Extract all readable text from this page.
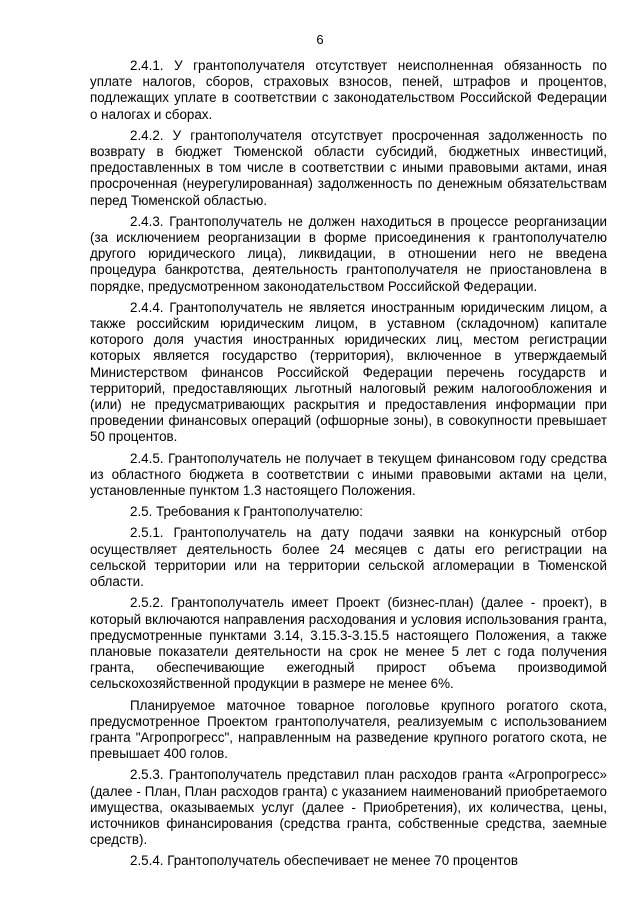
6

2.4.1. У грантополучателя отсутствует неисполненная обязанность по уплате налогов, сборов, страховых взносов, пеней, штрафов и процентов, подлежащих уплате в соответствии с законодательством Российской Федерации о налогах и сборах.

2.4.2. У грантополучателя отсутствует просроченная задолженность по возврату в бюджет Тюменской области субсидий, бюджетных инвестиций, предоставленных в том числе в соответствии с иными правовыми актами, иная просроченная (неурегулированная) задолженность по денежным обязательствам перед Тюменской областью.

2.4.3. Грантополучатель не должен находиться в процессе реорганизации (за исключением реорганизации в форме присоединения к грантополучателю другого юридического лица), ликвидации, в отношении него не введена процедура банкротства, деятельность грантополучателя не приостановлена в порядке, предусмотренном законодательством Российской Федерации.

2.4.4. Грантополучатель не является иностранным юридическим лицом, а также российским юридическим лицом, в уставном (складочном) капитале которого доля участия иностранных юридических лиц, местом регистрации которых является государство (территория), включенное в утверждаемый Министерством финансов Российской Федерации перечень государств и территорий, предоставляющих льготный налоговый режим налогообложения и (или) не предусматривающих раскрытия и предоставления информации при проведении финансовых операций (офшорные зоны), в совокупности превышает 50 процентов.

2.4.5. Грантополучатель не получает в текущем финансовом году средства из областного бюджета в соответствии с иными правовыми актами на цели, установленные пунктом 1.3 настоящего Положения.

2.5. Требования к Грантополучателю:

2.5.1. Грантополучатель на дату подачи заявки на конкурсный отбор осуществляет деятельность более 24 месяцев с даты его регистрации на сельской территории или на территории сельской агломерации в Тюменской области.

2.5.2. Грантополучатель имеет Проект (бизнес-план) (далее - проект), в который включаются направления расходования и условия использования гранта, предусмотренные пунктами 3.14, 3.15.3-3.15.5 настоящего Положения, а также плановые показатели деятельности на срок не менее 5 лет с года получения гранта, обеспечивающие ежегодный прирост объема производимой сельскохозяйственной продукции в размере не менее 6%.

Планируемое маточное товарное поголовье крупного рогатого скота, предусмотренное Проектом грантополучателя, реализуемым с использованием гранта "Агропрогресс", направленным на разведение крупного рогатого скота, не превышает 400 голов.

2.5.3. Грантополучатель представил план расходов гранта «Агропрогресс» (далее - План, План расходов гранта) с указанием наименований приобретаемого имущества, оказываемых услуг (далее - Приобретения), их количества, цены, источников финансирования (средства гранта, собственные средства, заемные средств).

2.5.4. Грантополучатель обеспечивает не менее 70 процентов
